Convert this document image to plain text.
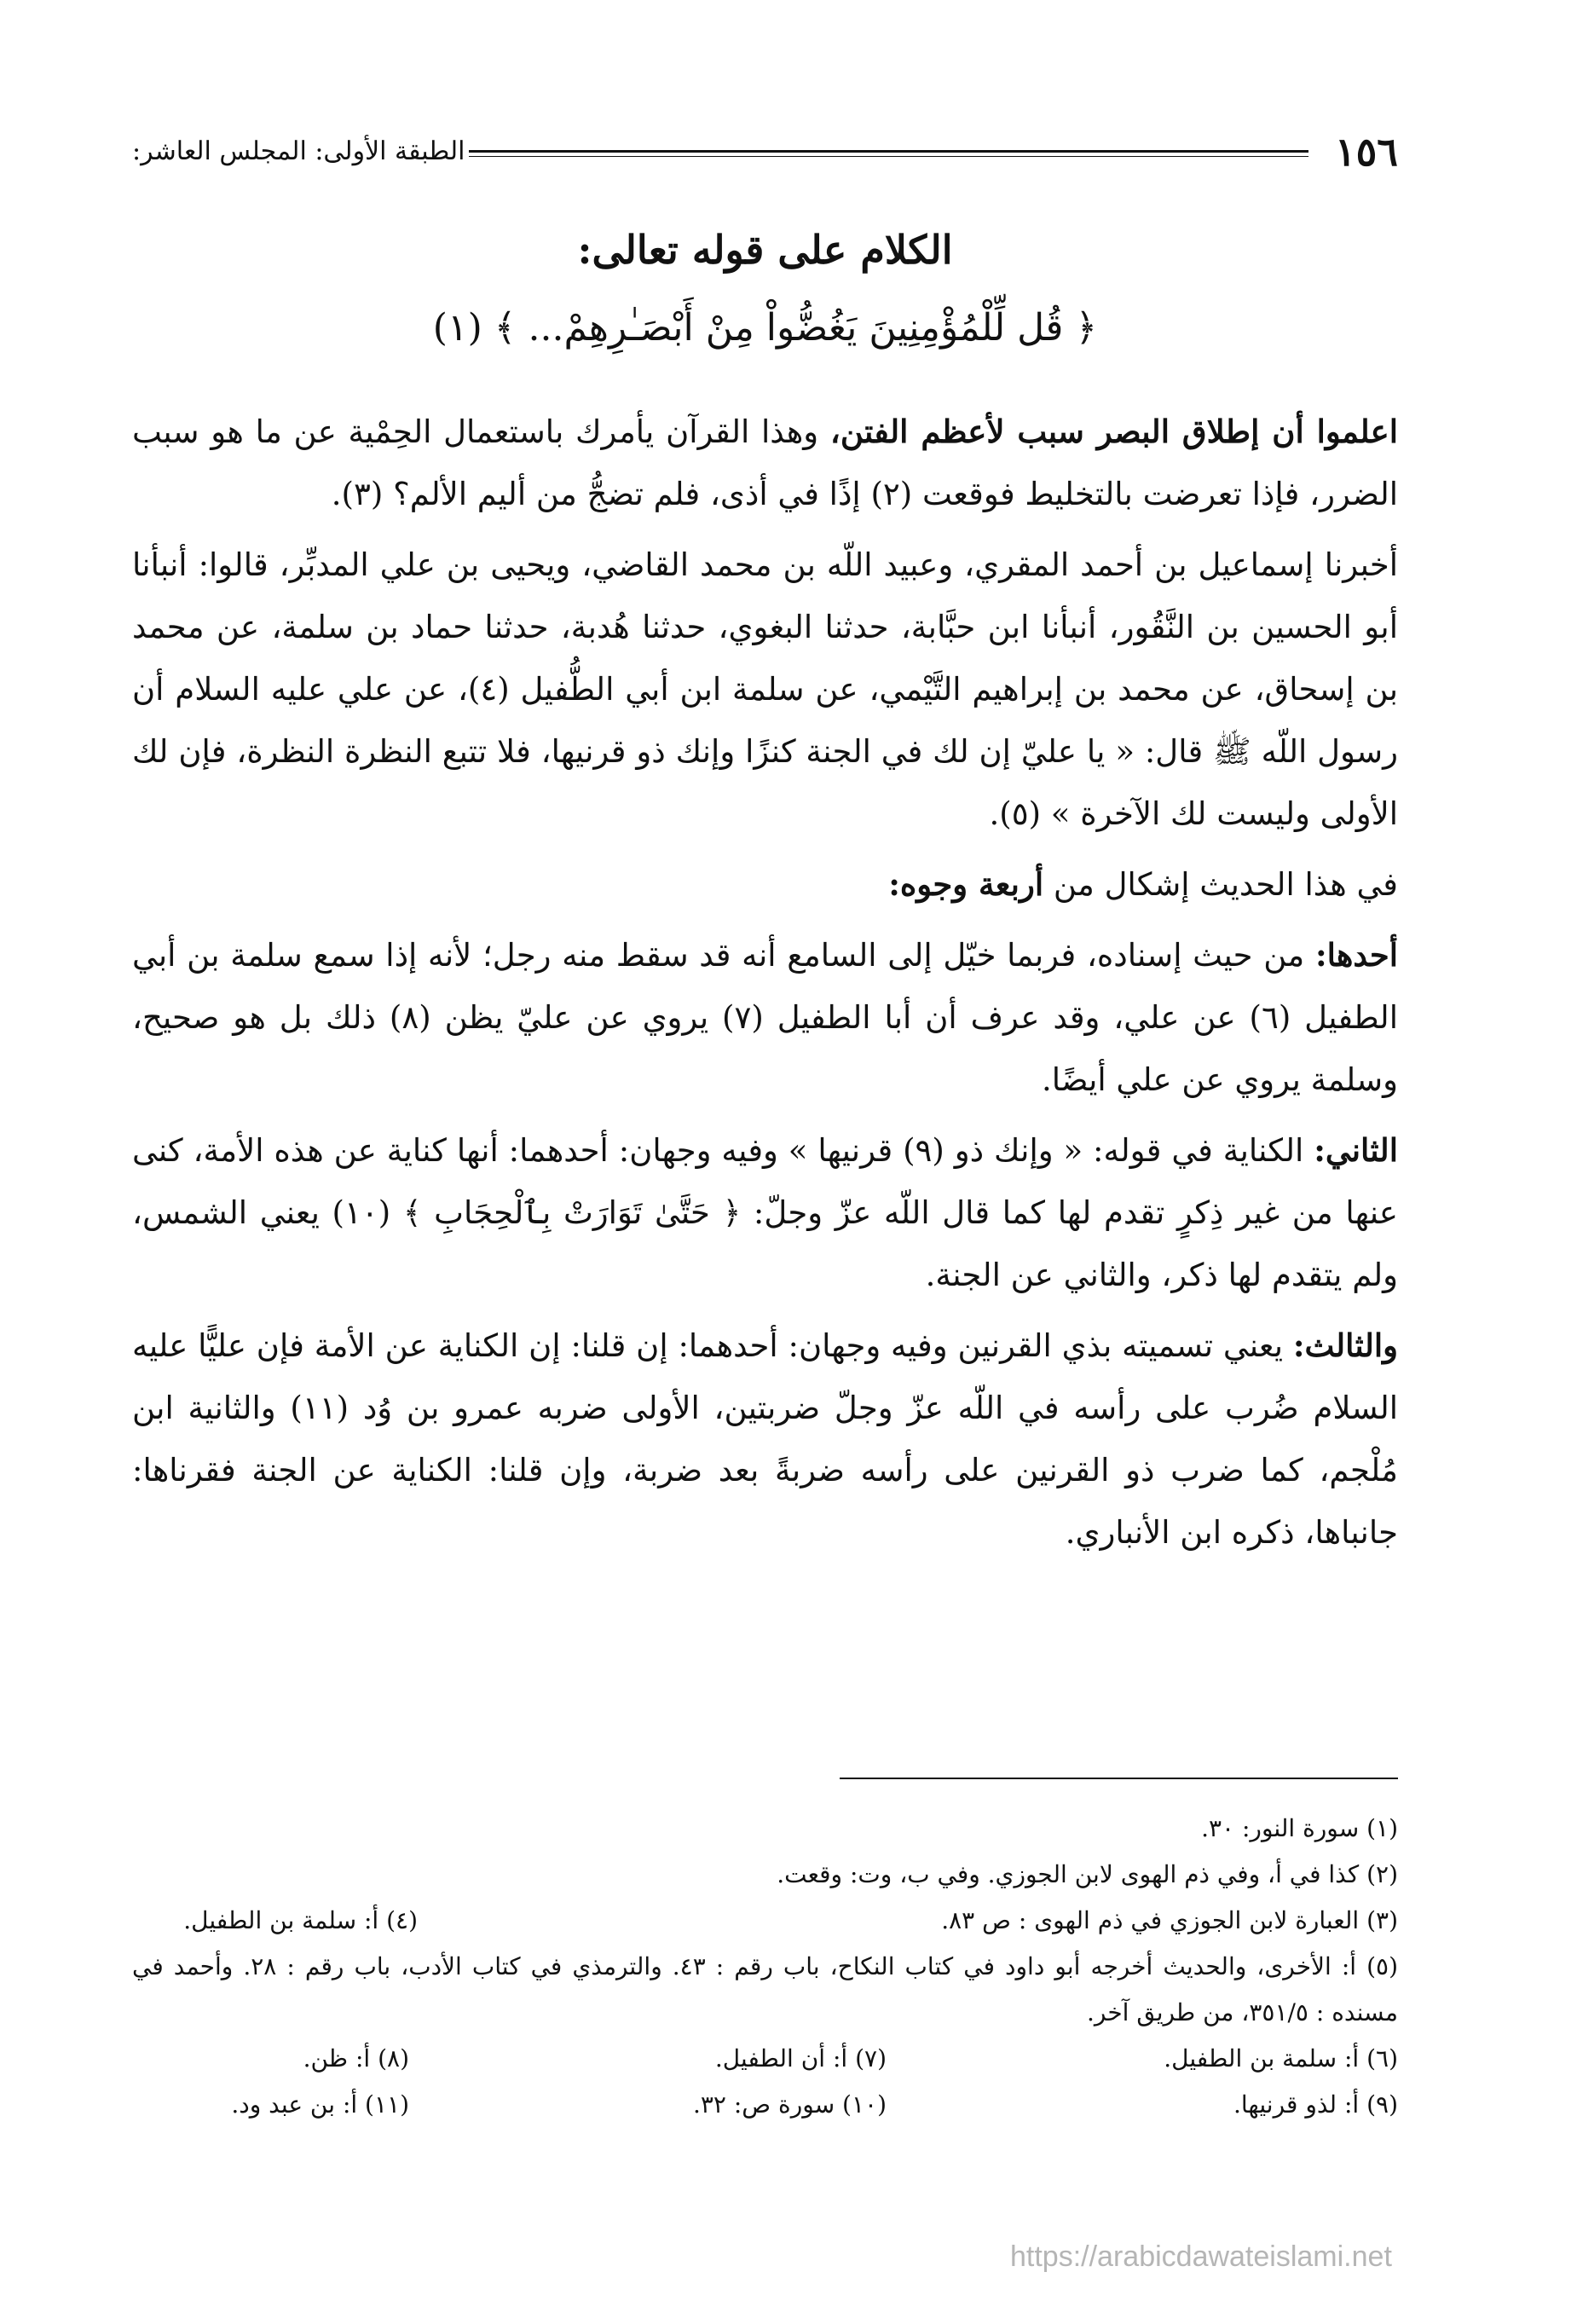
١٥٦
الطبقة الأولى: المجلس العاشر:
الكلام على قوله تعالى:
﴿ قُل لِّلْمُؤْمِنِينَ يَغُضُّواْ مِنْ أَبْصَـٰرِهِمْ... ﴾ (١)

اعلموا أن إطلاق البصر سبب لأعظم الفتن، وهذا القرآن يأمرك باستعمال الحِمْية عن ما هو سبب الضرر، فإذا تعرضت بالتخليط فوقعت (٢) إذًا في أذى، فلم تضجُّ من أليم الألم؟ (٣).

أخبرنا إسماعيل بن أحمد المقري، وعبيد اللّه بن محمد القاضي، ويحيى بن علي المدبِّر، قالوا: أنبأنا أبو الحسين بن النَّقُور، أنبأنا ابن حبَّابة، حدثنا البغوي، حدثنا هُدبة، حدثنا حماد بن سلمة، عن محمد بن إسحاق، عن محمد بن إبراهيم التَّيْمي، عن سلمة ابن أبي الطُّفيل (٤)، عن علي عليه السلام أن رسول اللّه ﷺ قال: « يا عليّ إن لك في الجنة كنزًا وإنك ذو قرنيها، فلا تتبع النظرة النظرة، فإن لك الأولى وليست لك الآخرة » (٥).

في هذا الحديث إشكال من أربعة وجوه:

أحدها: من حيث إسناده، فربما خيّل إلى السامع أنه قد سقط منه رجل؛ لأنه إذا سمع سلمة بن أبي الطفيل (٦) عن علي، وقد عرف أن أبا الطفيل (٧) يروي عن عليّ يظن (٨) ذلك بل هو صحيح، وسلمة يروي عن علي أيضًا.

الثاني: الكناية في قوله: « وإنك ذو (٩) قرنيها » وفيه وجهان: أحدهما: أنها كناية عن هذه الأمة، كنى عنها من غير ذِكرٍ تقدم لها كما قال اللّه عزّ وجلّ: ﴿ حَتَّىٰ تَوَارَتْ بِٱلْحِجَابِ ﴾ (١٠) يعني الشمس، ولم يتقدم لها ذكر، والثاني عن الجنة.

والثالث: يعني تسميته بذي القرنين وفيه وجهان: أحدهما: إن قلنا: إن الكناية عن الأمة فإن عليًّا عليه السلام ضُرب على رأسه في اللّه عزّ وجلّ ضربتين، الأولى ضربه عمرو بن وُد (١١) والثانية ابن مُلْجم، كما ضرب ذو القرنين على رأسه ضربةً بعد ضربة، وإن قلنا: الكناية عن الجنة فقرناها: جانباها، ذكره ابن الأنباري.

(١) سورة النور: ٣٠.
(٢) كذا في أ، وفي ذم الهوى لابن الجوزي. وفي ب، وت: وقعت.
(٣) العبارة لابن الجوزي في ذم الهوى : ص ٨٣.
(٤) أ: سلمة بن الطفيل.
(٥) أ: الأخرى، والحديث أخرجه أبو داود في كتاب النكاح، باب رقم : ٤٣. والترمذي في كتاب الأدب، باب رقم : ٢٨. وأحمد في مسنده : ٣٥١/٥، من طريق آخر.
(٦) أ: سلمة بن الطفيل.
(٧) أ: أن الطفيل.
(٨) أ: ظن.
(٩) أ: لذو قرنيها.
(١٠) سورة ص: ٣٢.
(١١) أ: بن عبد ود.
https://arabicdawateislami.net
